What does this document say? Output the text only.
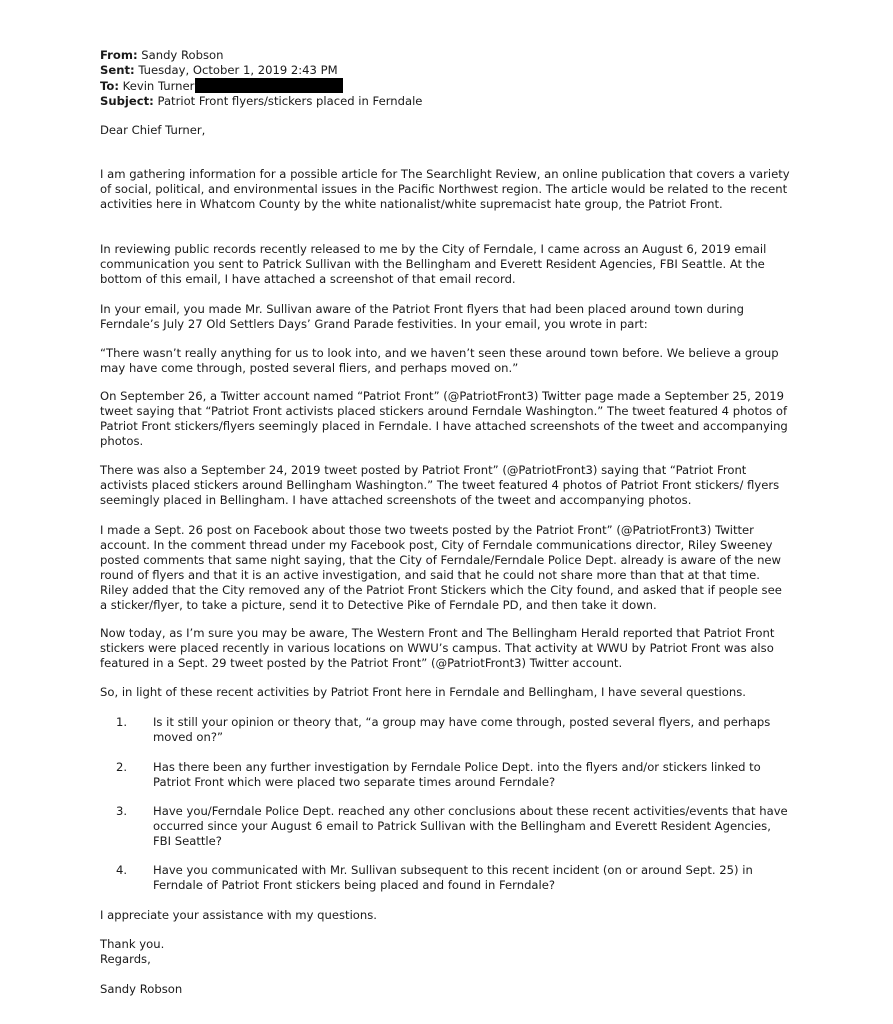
From: Sandy Robson
Sent: Tuesday, October 1, 2019 2:43 PM
To: Kevin Turner
Subject: Patriot Front flyers/stickers placed in Ferndale
Dear Chief Turner,
I am gathering information for a possible article for The Searchlight Review, an online publication that covers a variety of social, political, and environmental issues in the Pacific Northwest region. The article would be related to the recent activities here in Whatcom County by the white nationalist/white supremacist hate group, the Patriot Front.
In reviewing public records recently released to me by the City of Ferndale, I came across an August 6, 2019 email communication you sent to Patrick Sullivan with the Bellingham and Everett Resident Agencies, FBI Seattle. At the bottom of this email, I have attached a screenshot of that email record.
In your email, you made Mr. Sullivan aware of the Patriot Front flyers that had been placed around town during Ferndale’s July 27 Old Settlers Days’ Grand Parade festivities. In your email, you wrote in part:
“There wasn’t really anything for us to look into, and we haven’t seen these around town before. We believe a group may have come through, posted several fliers, and perhaps moved on.”
On September 26, a Twitter account named “Patriot Front” (@PatriotFront3) Twitter page made a September 25, 2019 tweet saying that “Patriot Front activists placed stickers around Ferndale Washington.” The tweet featured 4 photos of Patriot Front stickers/flyers seemingly placed in Ferndale. I have attached screenshots of the tweet and accompanying photos.
There was also a September 24, 2019 tweet posted by Patriot Front” (@PatriotFront3) saying that “Patriot Front activists placed stickers around Bellingham Washington.” The tweet featured 4 photos of Patriot Front stickers/ flyers seemingly placed in Bellingham. I have attached screenshots of the tweet and accompanying photos.
I made a Sept. 26 post on Facebook about those two tweets posted by the Patriot Front” (@PatriotFront3) Twitter account. In the comment thread under my Facebook post, City of Ferndale communications director, Riley Sweeney posted comments that same night saying, that the City of Ferndale/Ferndale Police Dept. already is aware of the new round of flyers and that it is an active investigation, and said that he could not share more than that at that time. Riley added that the City removed any of the Patriot Front Stickers which the City found, and asked that if people see a sticker/flyer, to take a picture, send it to Detective Pike of Ferndale PD, and then take it down.
Now today, as I’m sure you may be aware, The Western Front and The Bellingham Herald reported that Patriot Front stickers were placed recently in various locations on WWU’s campus. That activity at WWU by Patriot Front was also featured in a Sept. 29 tweet posted by the Patriot Front” (@PatriotFront3) Twitter account.
So, in light of these recent activities by Patriot Front here in Ferndale and Bellingham, I have several questions.
1. Is it still your opinion or theory that, “a group may have come through, posted several flyers, and perhaps moved on?”
2. Has there been any further investigation by Ferndale Police Dept. into the flyers and/or stickers linked to Patriot Front which were placed two separate times around Ferndale?
3. Have you/Ferndale Police Dept. reached any other conclusions about these recent activities/events that have occurred since your August 6 email to Patrick Sullivan with the Bellingham and Everett Resident Agencies, FBI Seattle?
4. Have you communicated with Mr. Sullivan subsequent to this recent incident (on or around Sept. 25) in Ferndale of Patriot Front stickers being placed and found in Ferndale?
I appreciate your assistance with my questions.
Thank you.
Regards,
Sandy Robson
